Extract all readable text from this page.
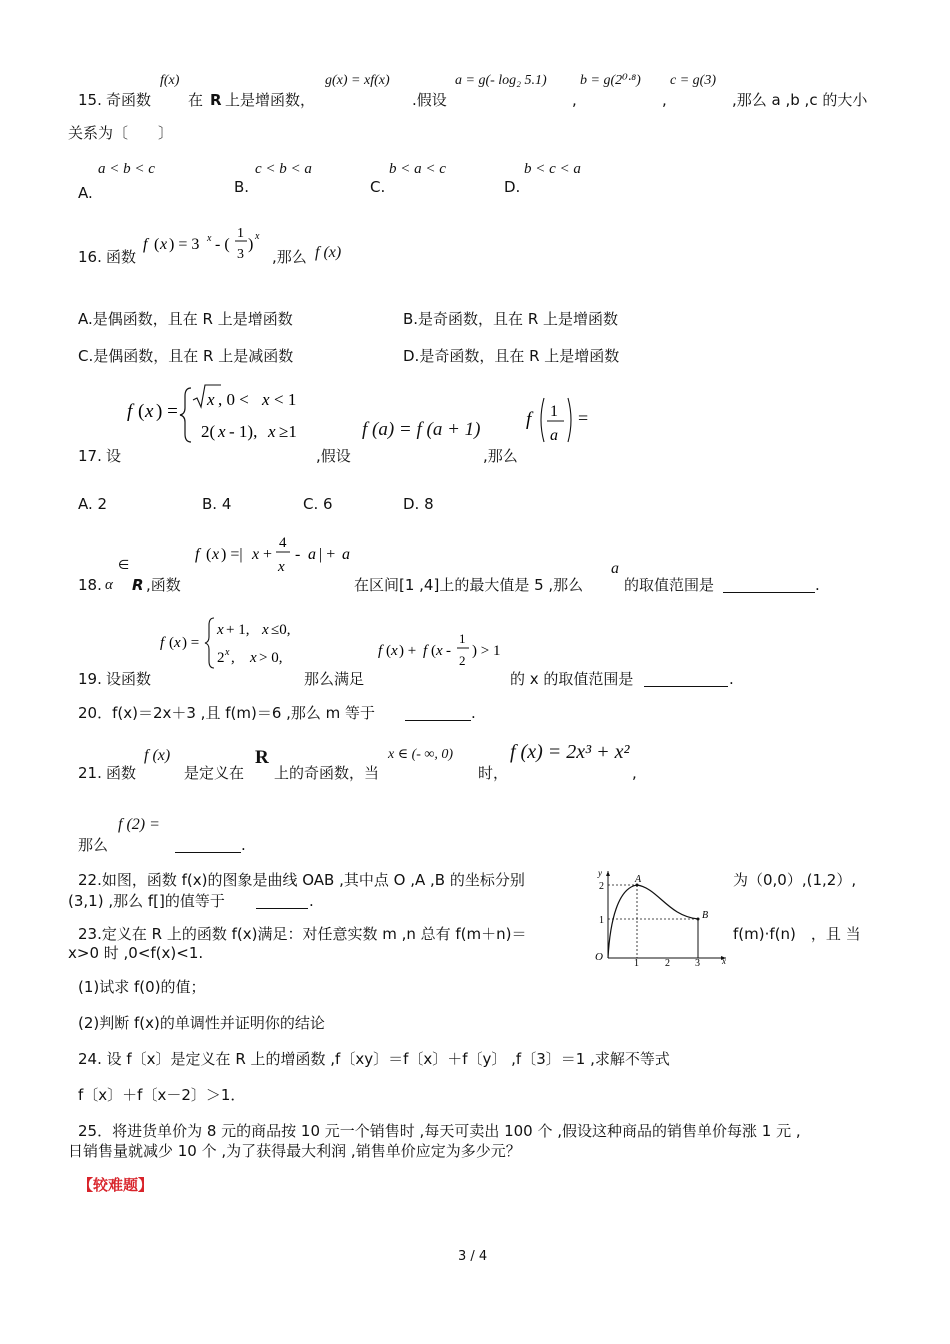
f(x)	g(x) = xf(x)	a = g(- log₂ 5.1) b = g(2⁰·⁸) c = g(3)
15. 奇函数 在 R 上是增函数，	.假设	,	,	,那么 a ,b ,c 的大小
关系为〔　　〕
a < b < c
A.
c < b < a
B.
b < a < c
C.
b < c < a
D.
16. 函数
f ( x ) = 3 x - (
1
3
) x
,那么 f (x)
A.是偶函数，且在 R 上是增函数	B.是奇函数，且在 R 上是增函数
C.是偶函数，且在 R 上是减函数	D.是奇函数，且在 R 上是增函数
f ( x ) =
x , 0 < x < 1
2( x - 1), x ≥1	f (a) = f (a + 1) f 1
a
=
17. 设	,假设	,那么
A. 2	B. 4	C. 6	D. 8
f ( x ) =| x +
4
x
- a | + a
18. α
∈
R ,函数	在区间[1 ,4]上的最大值是 5 ,那么
a
的取值范围是	.
f ( x ) =
x + 1, x ≤0,
2 x , x > 0,	f ( x ) + f ( x -
1
2
) > 1
19. 设函数	那么满足	的 x 的取值范围是	.
20．f(x)＝2x＋3 ,且 f(m)＝6 ,那么 m 等于	.
f (x)	R	x ∈ (- ∞, 0)	f (x) = 2x³ + x²
21. 函数	是定义在 上的奇函数，当	时，	,
f (2) =
那么	.
x
y
O
A
B
1	2	3
1
2
22.如图，函数 f(x)的图象是曲线 OAB ,其中点 O ,A ,B 的坐标分别	为（0,0）,(1,2）,
(3,1) ,那么 f[]的值等于	.
23.定义在 R 上的函数 f(x)满足：对任意实数 m ,n 总有 f(m＋n)＝	f(m)·f(n)　，且 当
x>0 时 ,0<f(x)<1.
(1)试求 f(0)的值；
(2)判断 f(x)的单调性并证明你的结论
24. 设 f〔x〕是定义在 R 上的增函数 ,f〔xy〕＝f〔x〕＋f〔y〕 ,f〔3〕＝1 ,求解不等式
f〔x〕＋f〔x－2〕＞1．
25．将进货单价为 8 元的商品按 10 元一个销售时 ,每天可卖出 100 个 ,假设这种商品的销售单价每涨 1 元 ,
日销售量就减少 10 个 ,为了获得最大利润 ,销售单价应定为多少元？
【较难题】
3 / 4
